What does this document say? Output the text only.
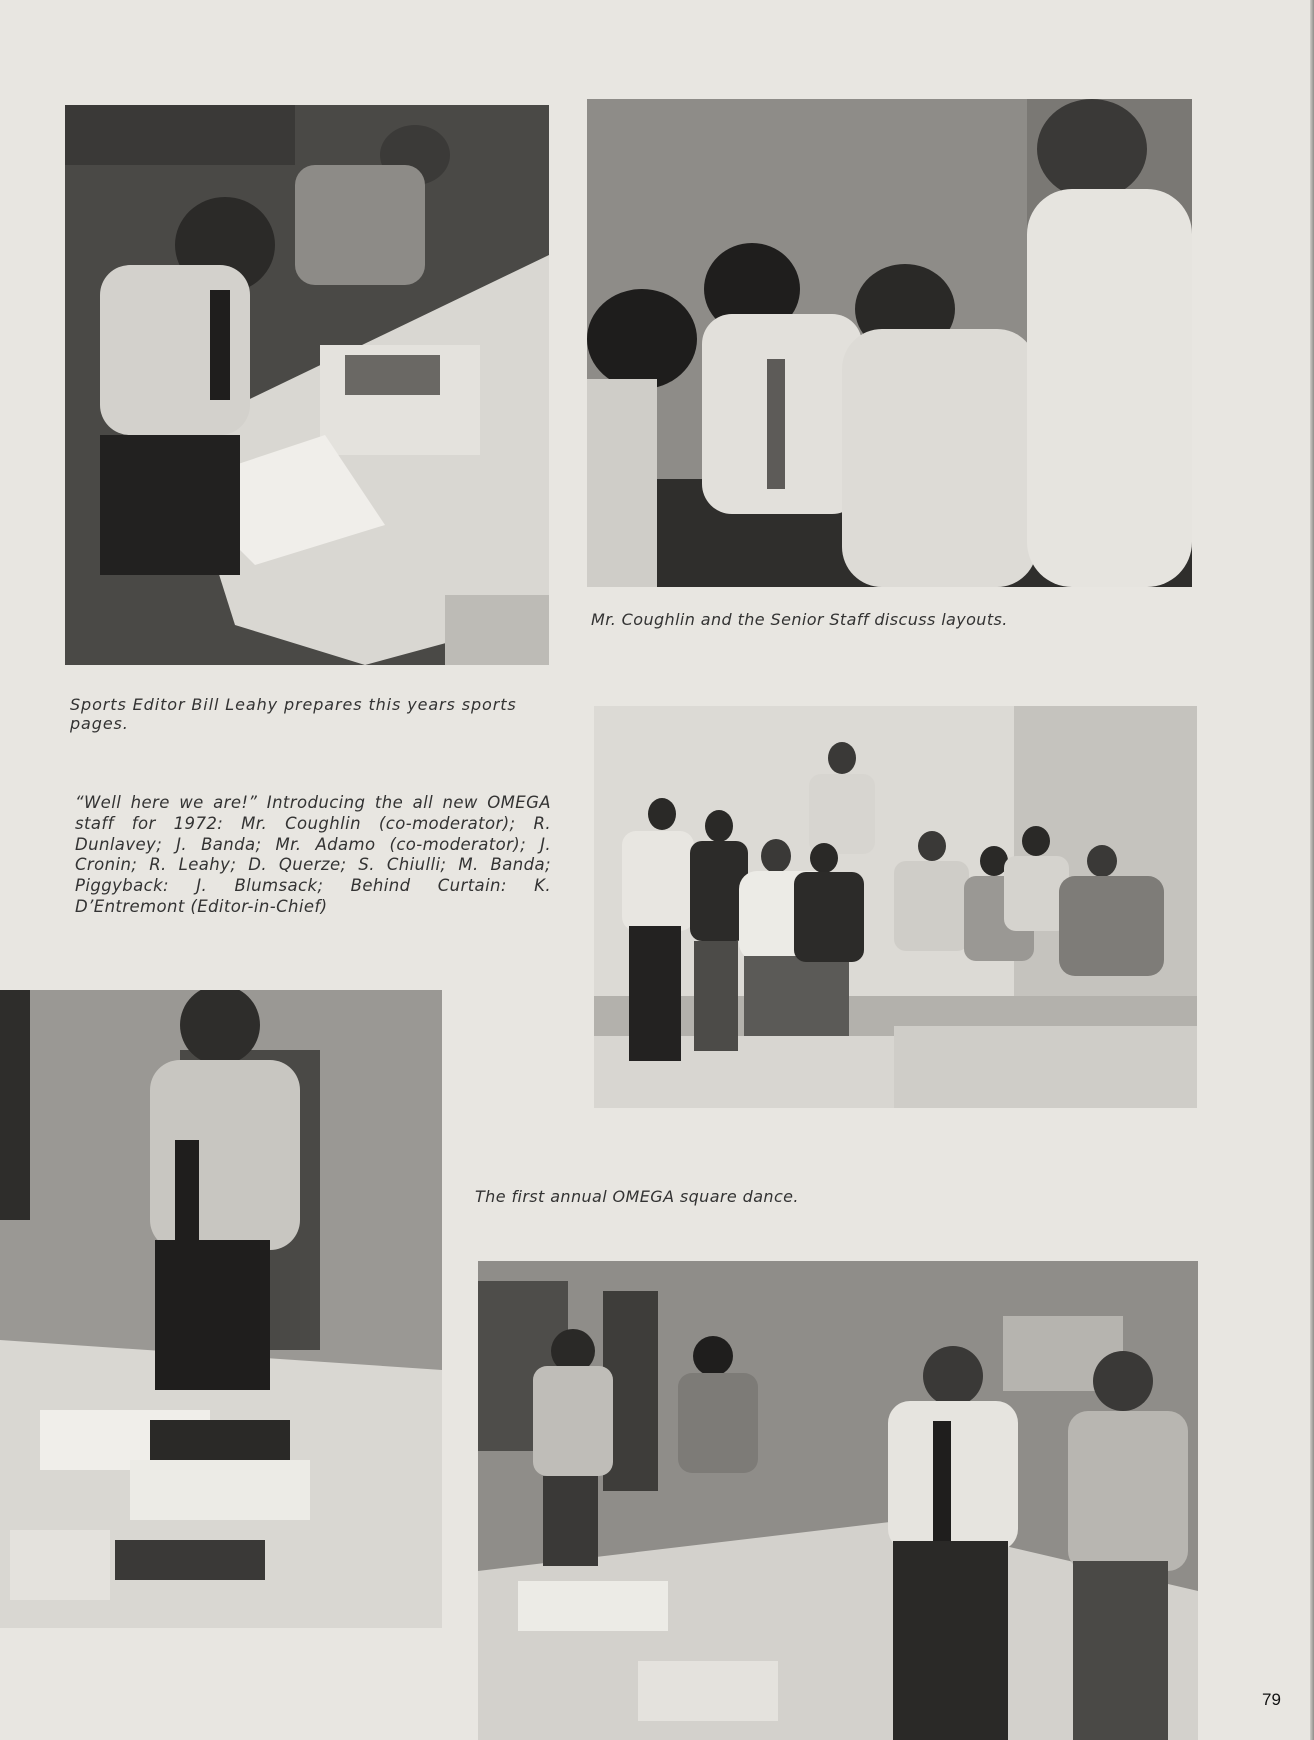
Mr. Coughlin and the Senior Staff discuss layouts.

Sports Editor Bill Leahy prepares this years sports pages.

“Well here we are!” Introducing the all new OMEGA staff for 1972: Mr. Coughlin (co-moderator); R. Dunlavey; J. Banda; Mr. Adamo (co-moderator); J. Cronin; R. Leahy; D. Querze; S. Chiulli; M. Banda; Piggyback: J. Blumsack; Behind Curtain: K. D’Entremont (Editor-in-Chief)

The first annual OMEGA square dance.

79
